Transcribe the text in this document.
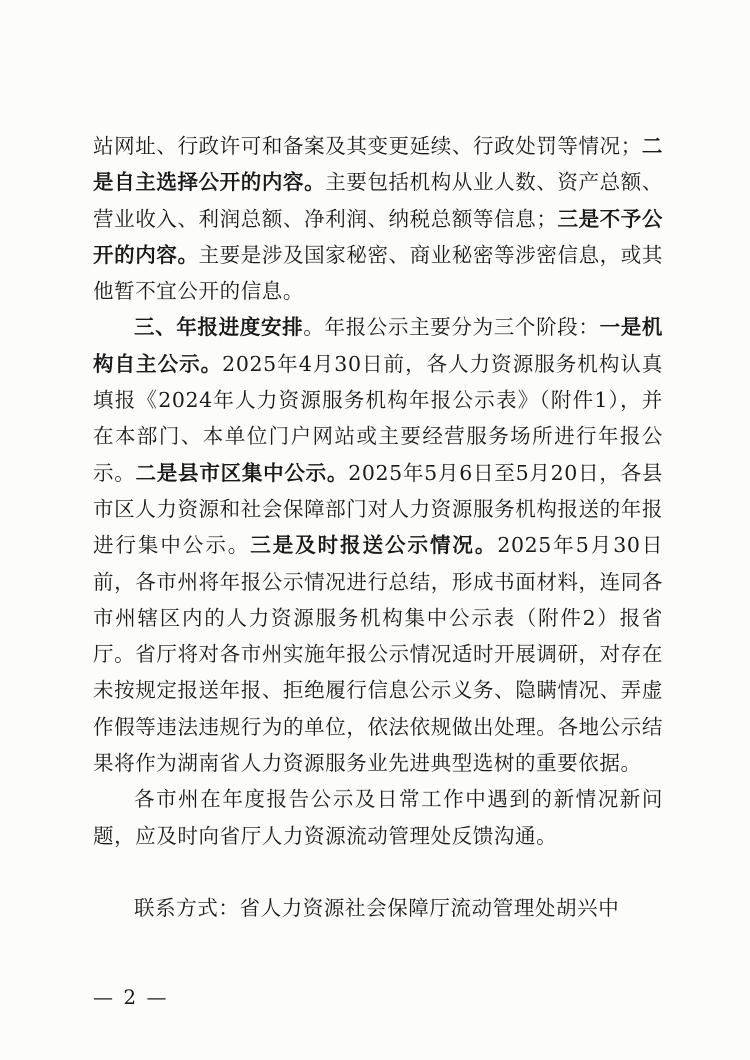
站网址、行政许可和备案及其变更延续、行政处罚等情况；二是自主选择公开的内容。主要包括机构从业人数、资产总额、营业收入、利润总额、净利润、纳税总额等信息；三是不予公开的内容。主要是涉及国家秘密、商业秘密等涉密信息，或其他暂不宜公开的信息。

三、年报进度安排。年报公示主要分为三个阶段：一是机构自主公示。2025年4月30日前，各人力资源服务机构认真填报《2024年人力资源服务机构年报公示表》（附件1），并在本部门、本单位门户网站或主要经营服务场所进行年报公示。二是县市区集中公示。2025年5月6日至5月20日，各县市区人力资源和社会保障部门对人力资源服务机构报送的年报进行集中公示。三是及时报送公示情况。2025年5月30日前，各市州将年报公示情况进行总结，形成书面材料，连同各市州辖区内的人力资源服务机构集中公示表（附件2）报省厅。省厅将对各市州实施年报公示情况适时开展调研，对存在未按规定报送年报、拒绝履行信息公示义务、隐瞒情况、弄虚作假等违法违规行为的单位，依法依规做出处理。各地公示结果将作为湖南省人力资源服务业先进典型选树的重要依据。

各市州在年度报告公示及日常工作中遇到的新情况新问题，应及时向省厅人力资源流动管理处反馈沟通。

联系方式：省人力资源社会保障厅流动管理处胡兴中

— 2 —
